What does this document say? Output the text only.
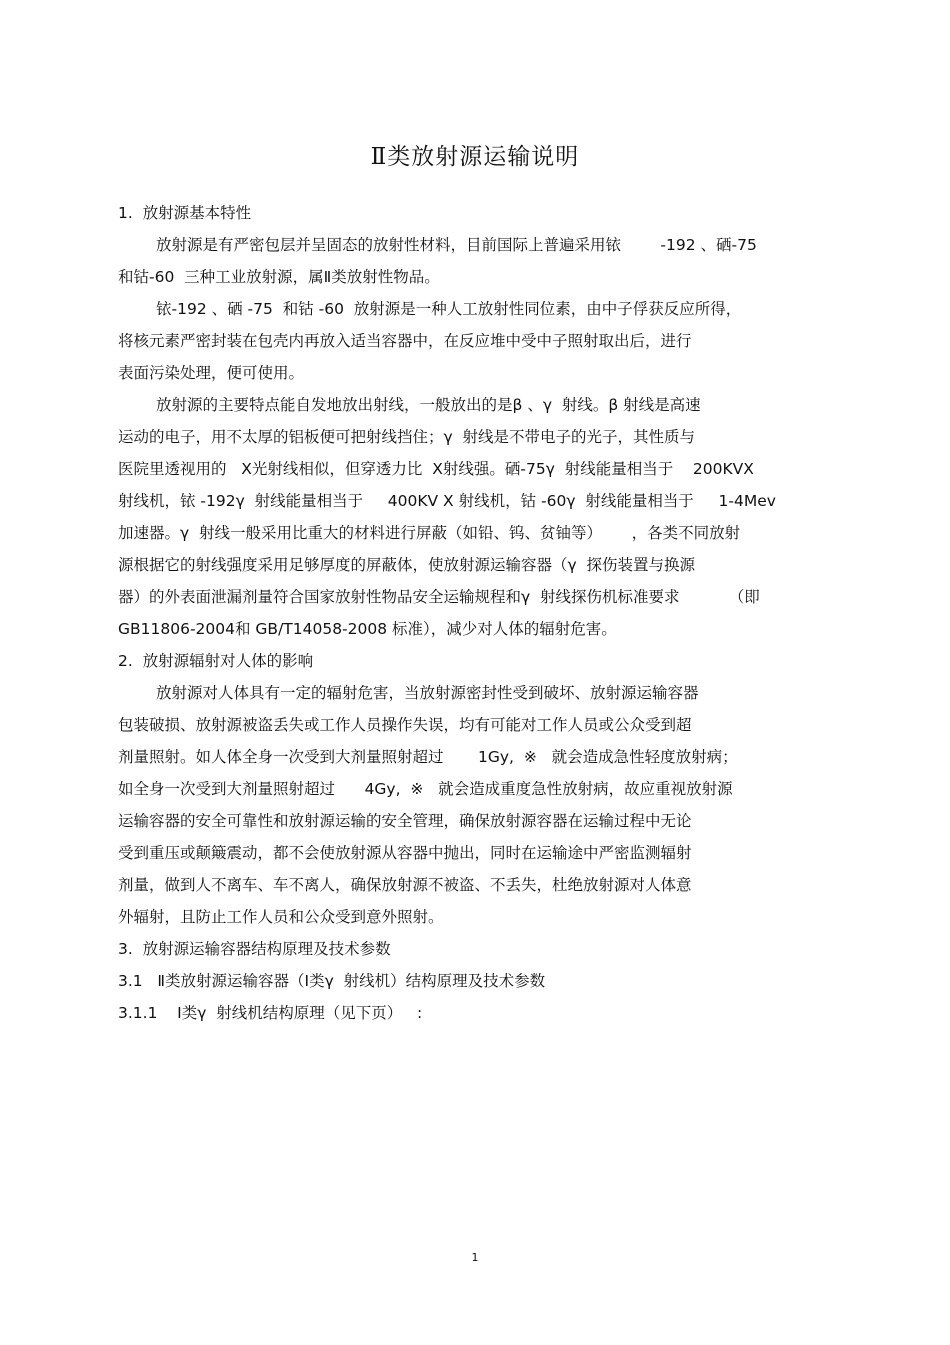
Ⅱ类放射源运输说明
1.  放射源基本特性
放射源是有严密包层并呈固态的放射性材料，目前国际上普遍采用铱        -192 、硒-75
和钴-60  三种工业放射源，属Ⅱ类放射性物品。
铱-192 、硒 -75  和钴 -60  放射源是一种人工放射性同位素，由中子俘获反应所得，
将核元素严密封装在包壳内再放入适当容器中，在反应堆中受中子照射取出后，进行
表面污染处理，便可使用。
放射源的主要特点能自发地放出射线，一般放出的是β 、γ  射线。β 射线是高速
运动的电子，用不太厚的铝板便可把射线挡住；γ  射线是不带电子的光子，其性质与
医院里透视用的   X光射线相似，但穿透力比  X射线强。硒-75γ  射线能量相当于    200KVX
射线机，铱 -192γ  射线能量相当于     400KV X 射线机，钴 -60γ  射线能量相当于     1-4Mev
加速器。γ  射线一般采用比重大的材料进行屏蔽（如铅、钨、贫铀等）      ，各类不同放射
源根据它的射线强度采用足够厚度的屏蔽体，使放射源运输容器（γ  探伤装置与换源
器）的外表面泄漏剂量符合国家放射性物品安全运输规程和γ  射线探伤机标准要求          （即
GB11806-2004和 GB/T14058-2008 标准），减少对人体的辐射危害。
2.  放射源辐射对人体的影响
放射源对人体具有一定的辐射危害，当放射源密封性受到破坏、放射源运输容器
包装破损、放射源被盗丢失或工作人员操作失误，均有可能对工作人员或公众受到超
剂量照射。如人体全身一次受到大剂量照射超过       1Gy,  ※   就会造成急性轻度放射病；
如全身一次受到大剂量照射超过      4Gy,  ※   就会造成重度急性放射病，故应重视放射源
运输容器的安全可靠性和放射源运输的安全管理，确保放射源容器在运输过程中无论
受到重压或颠簸震动，都不会使放射源从容器中抛出，同时在运输途中严密监测辐射
剂量，做到人不离车、车不离人，确保放射源不被盗、不丢失，杜绝放射源对人体意
外辐射，且防止工作人员和公众受到意外照射。
3.  放射源运输容器结构原理及技术参数
3.1   Ⅱ类放射源运输容器（Ⅰ类γ  射线机）结构原理及技术参数
3.1.1    Ⅰ类γ  射线机结构原理（见下页）   :
1
